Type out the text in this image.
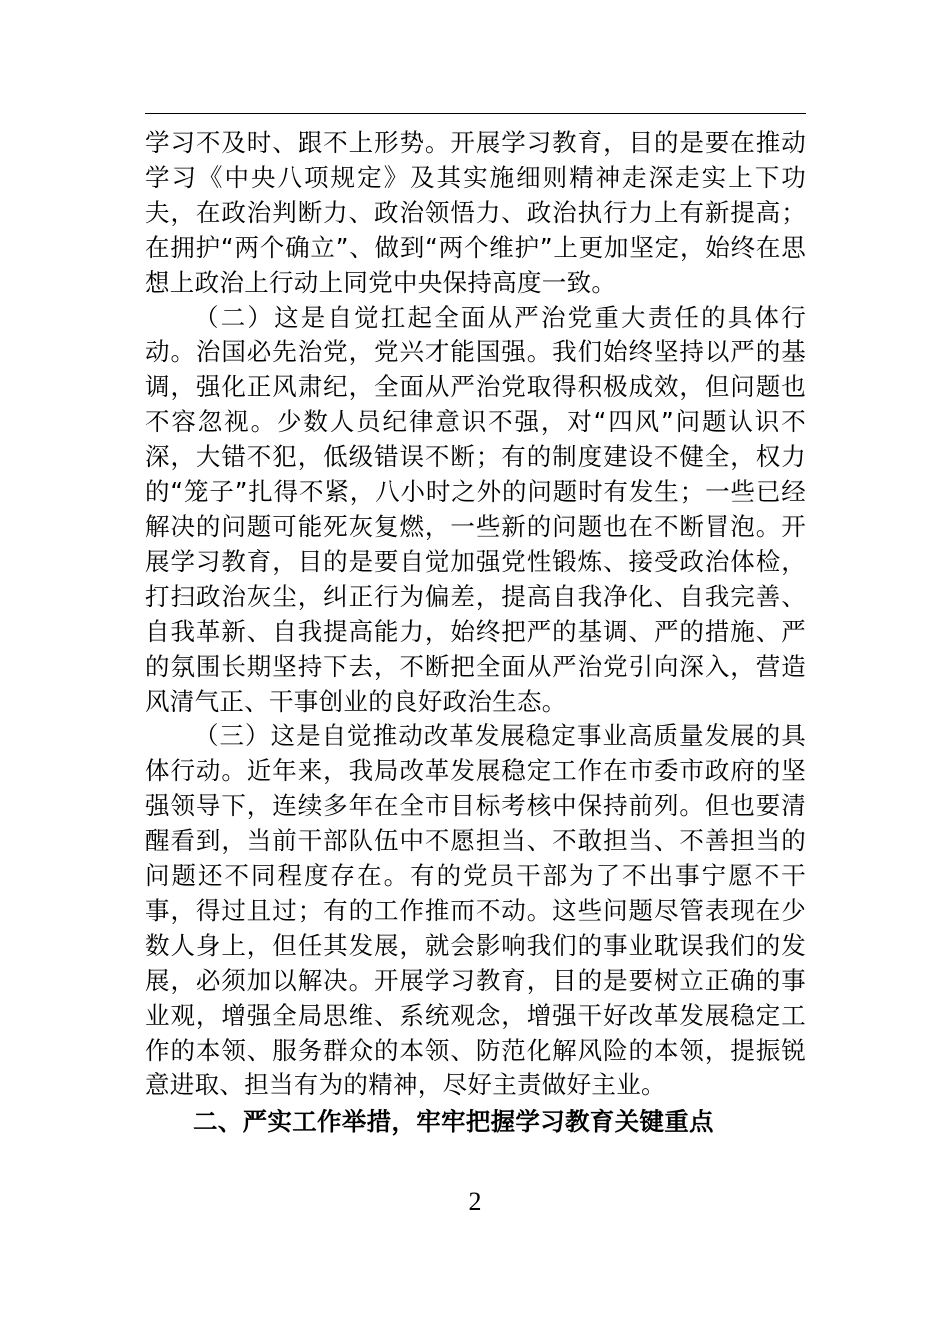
学习不及时、跟不上形势。开展学习教育，目的是要在推动学习《中央八项规定》及其实施细则精神走深走实上下功夫，在政治判断力、政治领悟力、政治执行力上有新提高；在拥护“两个确立”、做到“两个维护”上更加坚定，始终在思想上政治上行动上同党中央保持高度一致。

（二）这是自觉扛起全面从严治党重大责任的具体行动。治国必先治党，党兴才能国强。我们始终坚持以严的基调，强化正风肃纪，全面从严治党取得积极成效，但问题也不容忽视。少数人员纪律意识不强，对“四风”问题认识不深，大错不犯，低级错误不断；有的制度建设不健全，权力的“笼子”扎得不紧，八小时之外的问题时有发生；一些已经解决的问题可能死灰复燃，一些新的问题也在不断冒泡。开展学习教育，目的是要自觉加强党性锻炼、接受政治体检，打扫政治灰尘，纠正行为偏差，提高自我净化、自我完善、自我革新、自我提高能力，始终把严的基调、严的措施、严的氛围长期坚持下去，不断把全面从严治党引向深入，营造风清气正、干事创业的良好政治生态。

（三）这是自觉推动改革发展稳定事业高质量发展的具体行动。近年来，我局改革发展稳定工作在市委市政府的坚强领导下，连续多年在全市目标考核中保持前列。但也要清醒看到，当前干部队伍中不愿担当、不敢担当、不善担当的问题还不同程度存在。有的党员干部为了不出事宁愿不干事，得过且过；有的工作推而不动。这些问题尽管表现在少数人身上，但任其发展，就会影响我们的事业耽误我们的发展，必须加以解决。开展学习教育，目的是要树立正确的事业观，增强全局思维、系统观念，增强干好改革发展稳定工作的本领、服务群众的本领、防范化解风险的本领，提振锐意进取、担当有为的精神，尽好主责做好主业。

二、严实工作举措，牢牢把握学习教育关键重点

2
